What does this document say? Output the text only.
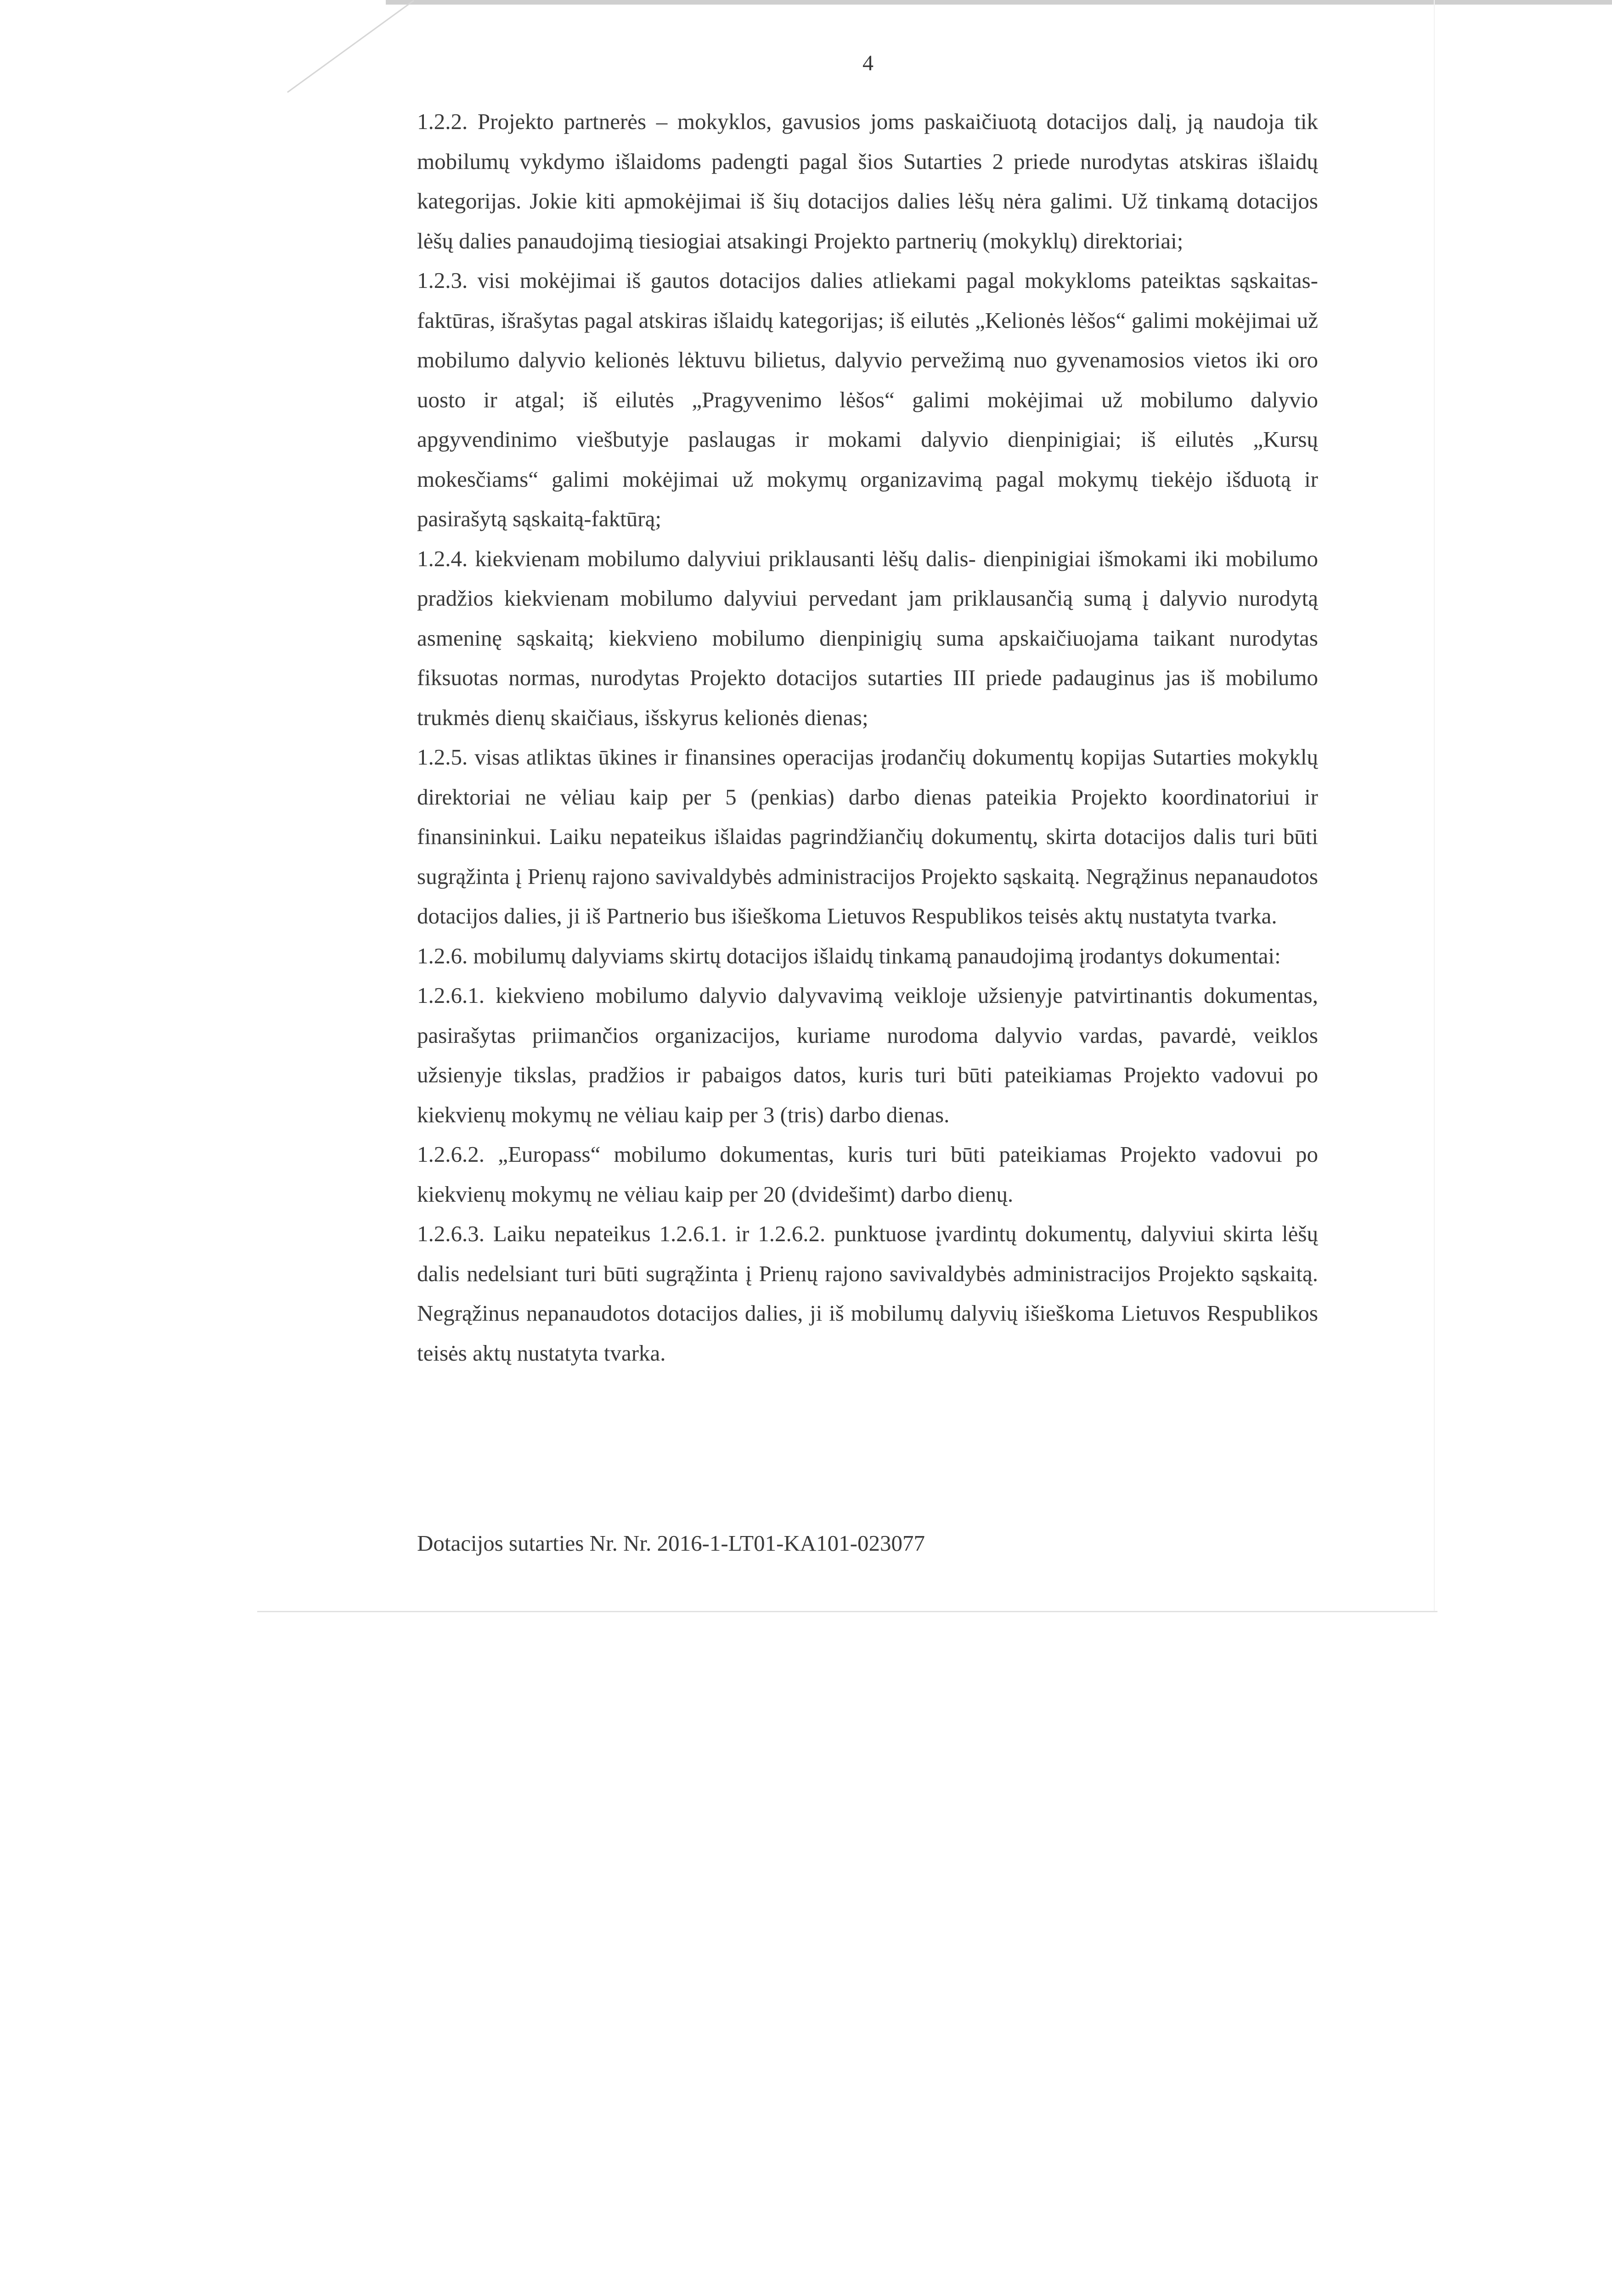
4

1.2.2. Projekto partnerės – mokyklos, gavusios joms paskaičiuotą dotacijos dalį, ją naudoja tik mobilumų vykdymo išlaidoms padengti pagal šios Sutarties 2 priede nurodytas atskiras išlaidų kategorijas. Jokie kiti apmokėjimai iš šių dotacijos dalies lėšų nėra galimi. Už tinkamą dotacijos lėšų dalies panaudojimą tiesiogiai atsakingi Projekto partnerių (mokyklų) direktoriai;

1.2.3. visi mokėjimai iš gautos dotacijos dalies atliekami pagal mokykloms pateiktas sąskaitas-faktūras, išrašytas pagal atskiras išlaidų kategorijas; iš eilutės „Kelionės lėšos“ galimi mokėjimai už mobilumo dalyvio kelionės lėktuvu bilietus, dalyvio pervežimą nuo gyvenamosios vietos iki oro uosto ir atgal; iš eilutės „Pragyvenimo lėšos“ galimi mokėjimai už mobilumo dalyvio apgyvendinimo viešbutyje paslaugas ir mokami dalyvio dienpinigiai; iš eilutės „Kursų mokesčiams“ galimi mokėjimai už mokymų organizavimą pagal mokymų tiekėjo išduotą ir pasirašytą sąskaitą-faktūrą;

1.2.4. kiekvienam mobilumo dalyviui priklausanti lėšų dalis- dienpinigiai išmokami iki mobilumo pradžios kiekvienam mobilumo dalyviui pervedant jam priklausančią sumą į dalyvio nurodytą asmeninę sąskaitą; kiekvieno mobilumo dienpinigių suma apskaičiuojama taikant nurodytas fiksuotas normas, nurodytas Projekto dotacijos sutarties III priede padauginus jas iš mobilumo trukmės dienų skaičiaus, išskyrus kelionės dienas;

1.2.5. visas atliktas ūkines ir finansines operacijas įrodančių dokumentų kopijas Sutarties mokyklų direktoriai ne vėliau kaip per 5 (penkias) darbo dienas pateikia Projekto koordinatoriui ir finansininkui. Laiku nepateikus išlaidas pagrindžiančių dokumentų, skirta dotacijos dalis turi būti sugrąžinta į Prienų rajono savivaldybės administracijos Projekto sąskaitą. Negrąžinus nepanaudotos dotacijos dalies, ji iš Partnerio bus išieškoma Lietuvos Respublikos teisės aktų nustatyta tvarka.

1.2.6. mobilumų dalyviams skirtų dotacijos išlaidų tinkamą panaudojimą įrodantys dokumentai:

1.2.6.1. kiekvieno mobilumo dalyvio dalyvavimą veikloje užsienyje patvirtinantis dokumentas, pasirašytas priimančios organizacijos, kuriame nurodoma dalyvio vardas, pavardė, veiklos užsienyje tikslas, pradžios ir pabaigos datos, kuris turi būti pateikiamas Projekto vadovui po kiekvienų mokymų ne vėliau kaip per 3 (tris) darbo dienas.

1.2.6.2. „Europass“ mobilumo dokumentas, kuris turi būti pateikiamas Projekto vadovui po kiekvienų mokymų ne vėliau kaip per 20 (dvidešimt) darbo dienų.

1.2.6.3. Laiku nepateikus 1.2.6.1. ir 1.2.6.2. punktuose įvardintų dokumentų, dalyviui skirta lėšų dalis nedelsiant turi būti sugrąžinta į Prienų rajono savivaldybės administracijos Projekto sąskaitą. Negrąžinus nepanaudotos dotacijos dalies, ji iš mobilumų dalyvių išieškoma Lietuvos Respublikos teisės aktų nustatyta tvarka.

Dotacijos sutarties Nr. Nr. 2016-1-LT01-KA101-023077
